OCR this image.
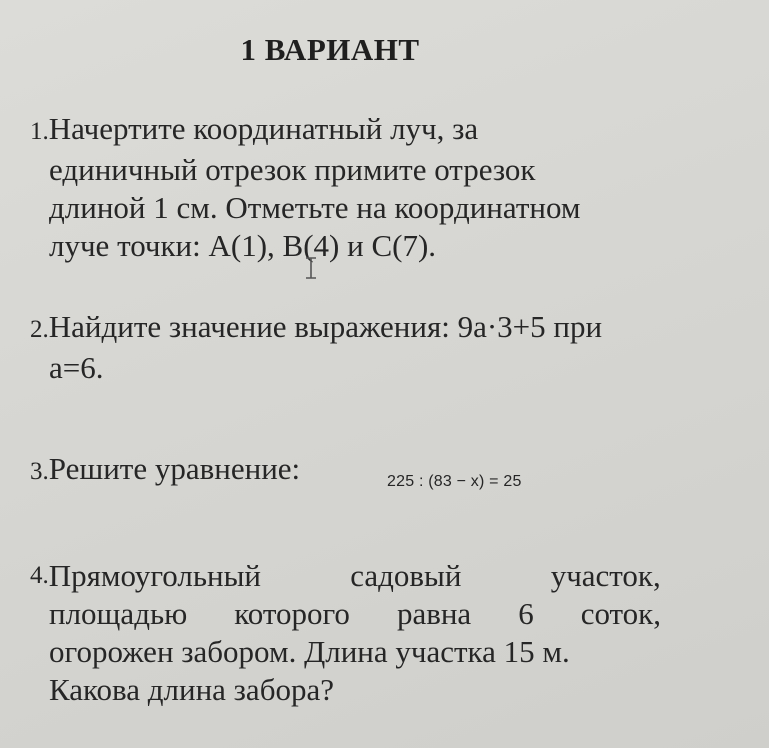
1 ВАРИАНТ
1.Начертите координатный луч, за
единичный отрезок примите отрезок
длиной 1 см. Отметьте на координатном
луче точки: А(1), В(4) и С(7).
2.Найдите значение выражения: 9а·3+5 при
а=6.
3.Решите уравнение:	225 : (83 − x) = 25
4. Прямоугольный	садовый	участок,
площадью которого равна 6 соток,
огорожен забором. Длина участка 15 м.
Какова длина забора?
